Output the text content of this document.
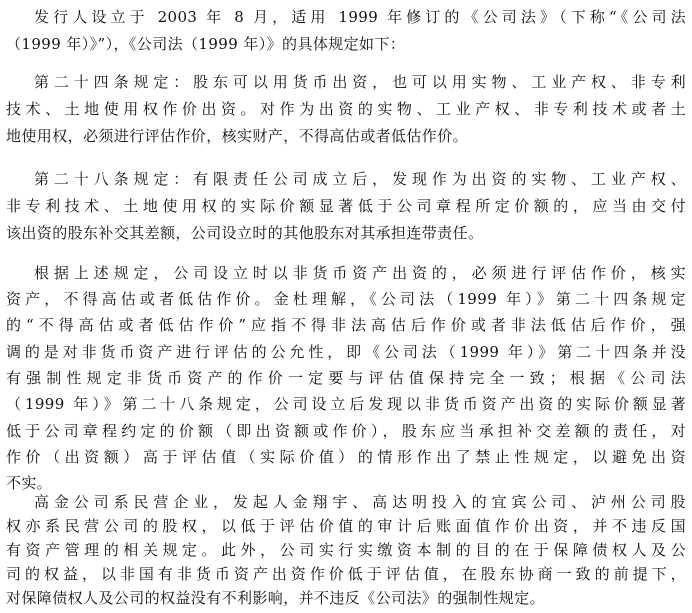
发行人设立于 2003 年 8 月，适用 1999 年修订的《公司法》（下称“《公司法
（1999 年）》”），《公司法（1999 年）》的具体规定如下：
第二十四条规定：股东可以用货币出资，也可以用实物、工业产权、非专利
技术、土地使用权作价出资。对作为出资的实物、工业产权、非专利技术或者土
地使用权，必须进行评估作价，核实财产，不得高估或者低估作价。
第二十八条规定：有限责任公司成立后，发现作为出资的实物、工业产权、
非专利技术、土地使用权的实际价额显著低于公司章程所定价额的，应当由交付
该出资的股东补交其差额，公司设立时的其他股东对其承担连带责任。
根据上述规定，公司设立时以非货币资产出资的，必须进行评估作价，核实
资产，不得高估或者低估作价。金杜理解，《公司法（1999 年）》第二十四条规定
的“不得高估或者低估作价”应指不得非法高估后作价或者非法低估后作价，强
调的是对非货币资产进行评估的公允性，即《公司法（1999 年）》第二十四条并没
有强制性规定非货币资产的作价一定要与评估值保持完全一致；根据《公司法
（1999 年）》第二十八条规定，公司设立后发现以非货币资产出资的实际价额显著
低于公司章程约定的价额（即出资额或作价），股东应当承担补交差额的责任，对
作价（出资额）高于评估值（实际价值）的情形作出了禁止性规定，以避免出资
不实。
高金公司系民营企业，发起人金翔宇、高达明投入的宜宾公司、泸州公司股
权亦系民营公司的股权，以低于评估价值的审计后账面值作价出资，并不违反国
有资产管理的相关规定。此外，公司实行实缴资本制的目的在于保障债权人及公
司的权益，以非国有非货币资产出资作价低于评估值，在股东协商一致的前提下，
对保障债权人及公司的权益没有不利影响，并不违反《公司法》的强制性规定。
